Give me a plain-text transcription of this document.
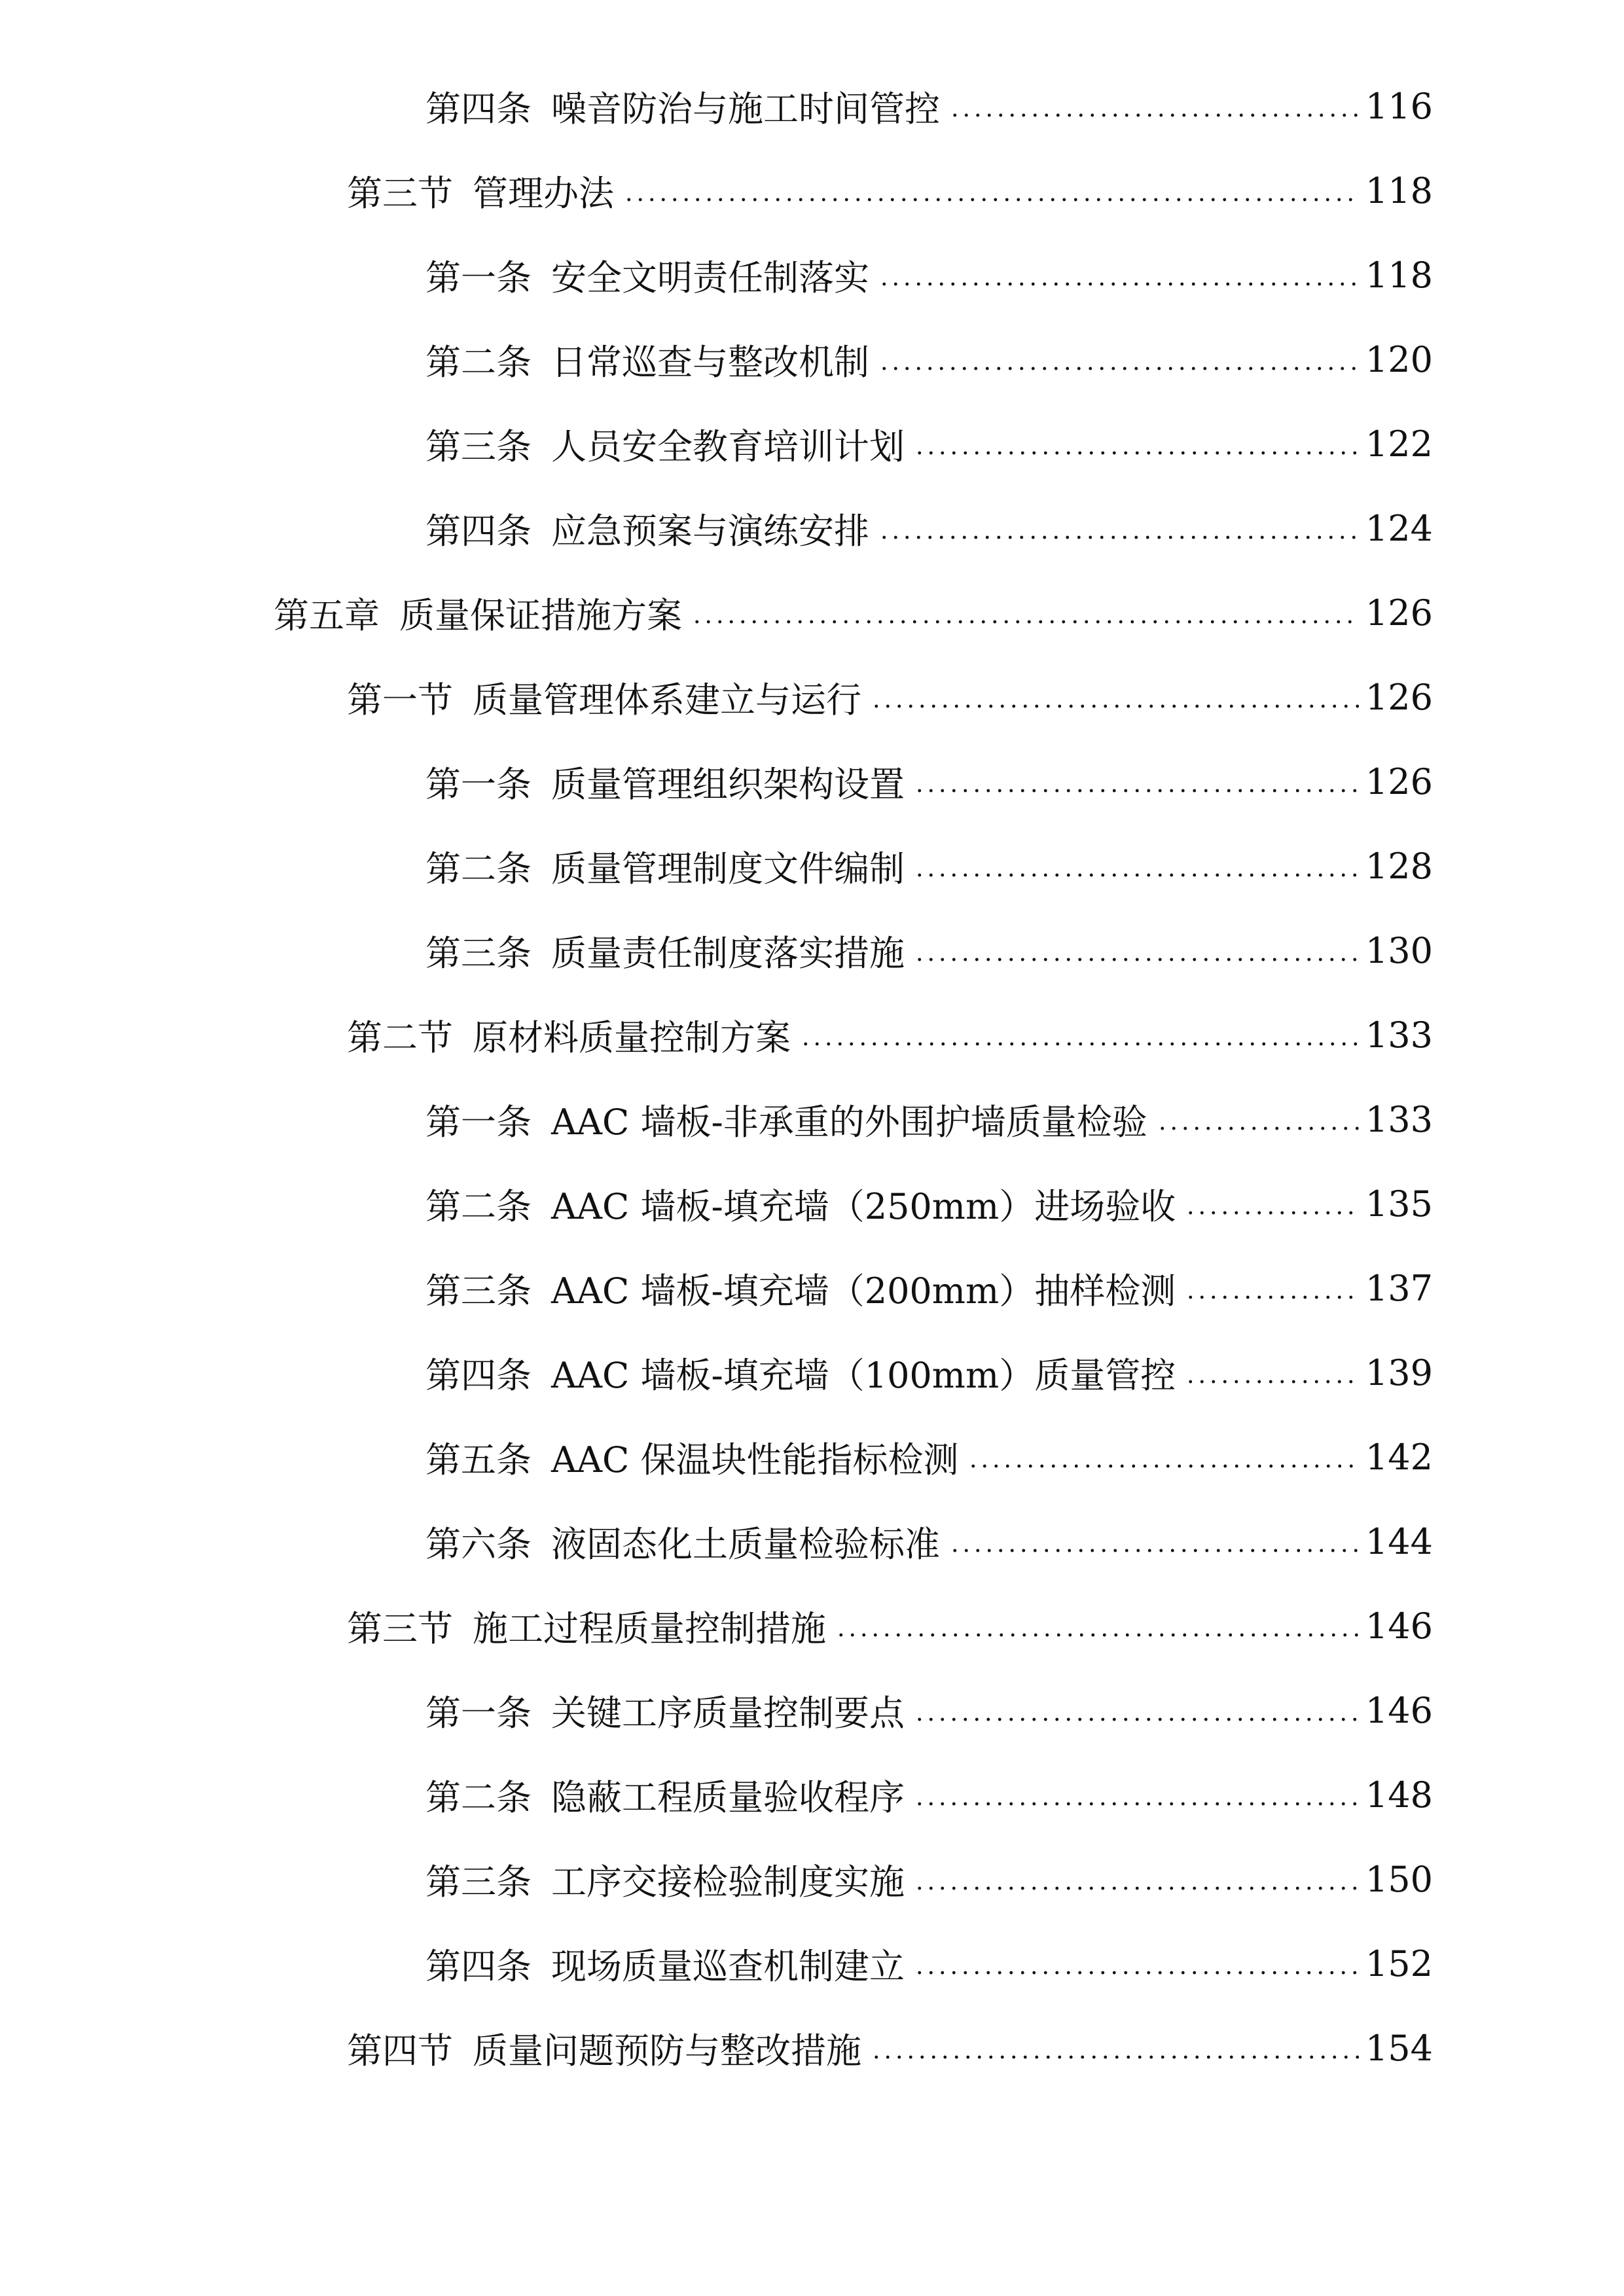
第四条 噪音防治与施工时间管控	116
第三节 管理办法	118
第一条 安全文明责任制落实	118
第二条 日常巡查与整改机制	120
第三条 人员安全教育培训计划	122
第四条 应急预案与演练安排	124
第五章 质量保证措施方案	126
第一节 质量管理体系建立与运行	126
第一条 质量管理组织架构设置	126
第二条 质量管理制度文件编制	128
第三条 质量责任制度落实措施	130
第二节 原材料质量控制方案	133
第一条 AAC 墙板-非承重的外围护墙质量检验	133
第二条 AAC 墙板-填充墙（250mm）进场验收	135
第三条 AAC 墙板-填充墙（200mm）抽样检测	137
第四条 AAC 墙板-填充墙（100mm）质量管控	139
第五条 AAC 保温块性能指标检测	142
第六条 液固态化土质量检验标准	144
第三节 施工过程质量控制措施	146
第一条 关键工序质量控制要点	146
第二条 隐蔽工程质量验收程序	148
第三条 工序交接检验制度实施	150
第四条 现场质量巡查机制建立	152
第四节 质量问题预防与整改措施	154
